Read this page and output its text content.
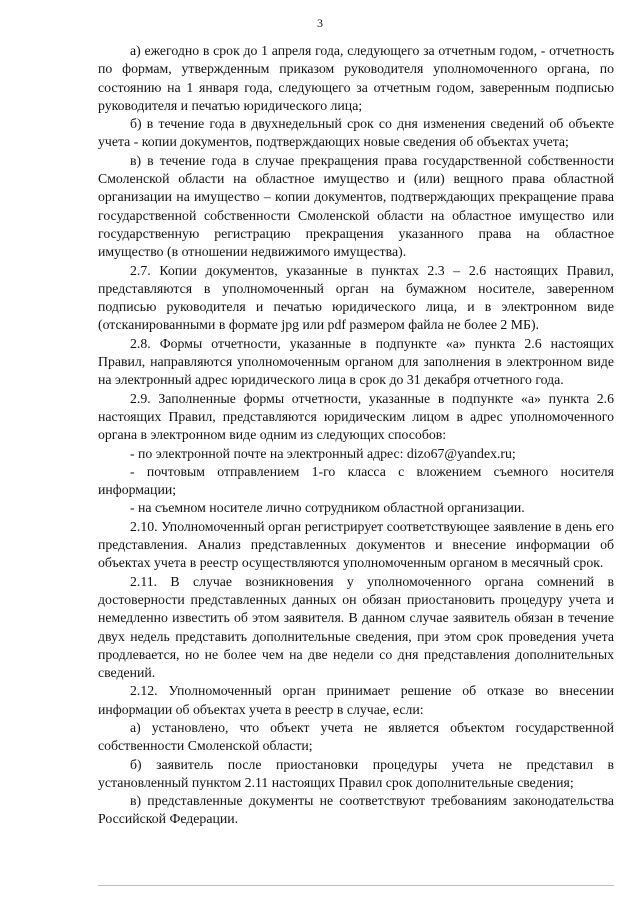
3

а) ежегодно в срок до 1 апреля года, следующего за отчетным годом, - отчетность по формам, утвержденным приказом руководителя уполномоченного органа, по состоянию на 1 января года, следующего за отчетным годом, заверенным подписью руководителя и печатью юридического лица;

б) в течение года в двухнедельный срок со дня изменения сведений об объекте учета - копии документов, подтверждающих новые сведения об объектах учета;

в) в течение года в случае прекращения права государственной собственности Смоленской области на областное имущество и (или) вещного права областной организации на имущество – копии документов, подтверждающих прекращение права государственной собственности Смоленской области на областное имущество или государственную регистрацию прекращения указанного права на областное имущество (в отношении недвижимого имущества).

2.7. Копии документов, указанные в пунктах 2.3 – 2.6 настоящих Правил, представляются в уполномоченный орган на бумажном носителе, заверенном подписью руководителя и печатью юридического лица, и в электронном виде (отсканированными в формате jpg или pdf размером файла не более 2 МБ).

2.8. Формы отчетности, указанные в подпункте «а» пункта 2.6 настоящих Правил, направляются уполномоченным органом для заполнения в электронном виде на электронный адрес юридического лица в срок до 31 декабря отчетного года.

2.9. Заполненные формы отчетности, указанные в подпункте «а» пункта 2.6 настоящих Правил, представляются юридическим лицом в адрес уполномоченного органа в электронном виде одним из следующих способов:

- по электронной почте на электронный адрес: dizo67@yandex.ru;

- почтовым отправлением 1-го класса с вложением съемного носителя информации;

- на съемном носителе лично сотрудником областной организации.

2.10. Уполномоченный орган регистрирует соответствующее заявление в день его представления. Анализ представленных документов и внесение информации об объектах учета в реестр осуществляются уполномоченным органом в месячный срок.

2.11. В случае возникновения у уполномоченного органа сомнений в достоверности представленных данных он обязан приостановить процедуру учета и немедленно известить об этом заявителя. В данном случае заявитель обязан в течение двух недель представить дополнительные сведения, при этом срок проведения учета продлевается, но не более чем на две недели со дня представления дополнительных сведений.

2.12. Уполномоченный орган принимает решение об отказе во внесении информации об объектах учета в реестр в случае, если:

а) установлено, что объект учета не является объектом государственной собственности Смоленской области;

б) заявитель после приостановки процедуры учета не представил в установленный пунктом 2.11 настоящих Правил срок дополнительные сведения;

в) представленные документы не соответствуют требованиям законодательства Российской Федерации.
